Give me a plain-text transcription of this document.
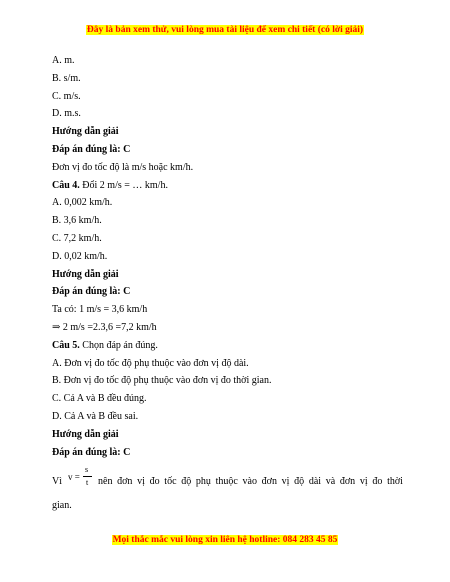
Đây là bản xem thử, vui lòng mua tài liệu để xem chi tiết (có lời giải)
A. m.
B. s/m.
C. m/s.
D. m.s.
Hướng dẫn giải
Đáp án đúng là: C
Đơn vị đo tốc độ là m/s hoặc km/h.
Câu 4. Đổi 2 m/s = … km/h.
A. 0,002 km/h.
B. 3,6 km/h.
C. 7,2 km/h.
D. 0,02 km/h.
Hướng dẫn giải
Đáp án đúng là: C
Ta có: 1 m/s = 3,6 km/h
⇒ 2 m/s =2.3,6 =7,2 km/h
Câu 5. Chọn đáp án đúng.
A. Đơn vị đo tốc độ phụ thuộc vào đơn vị độ dài.
B. Đơn vị đo tốc độ phụ thuộc vào đơn vị đo thời gian.
C. Cả A và B đều đúng.
D. Cả A và B đều sai.
Hướng dẫn giải
Đáp án đúng là: C
Vì v =
s
t nên đơn vị đo tốc độ phụ thuộc vào đơn vị độ dài và đơn vị đo thời
gian.
Mọi thắc mắc vui lòng xin liên hệ hotline: 084 283 45 85
